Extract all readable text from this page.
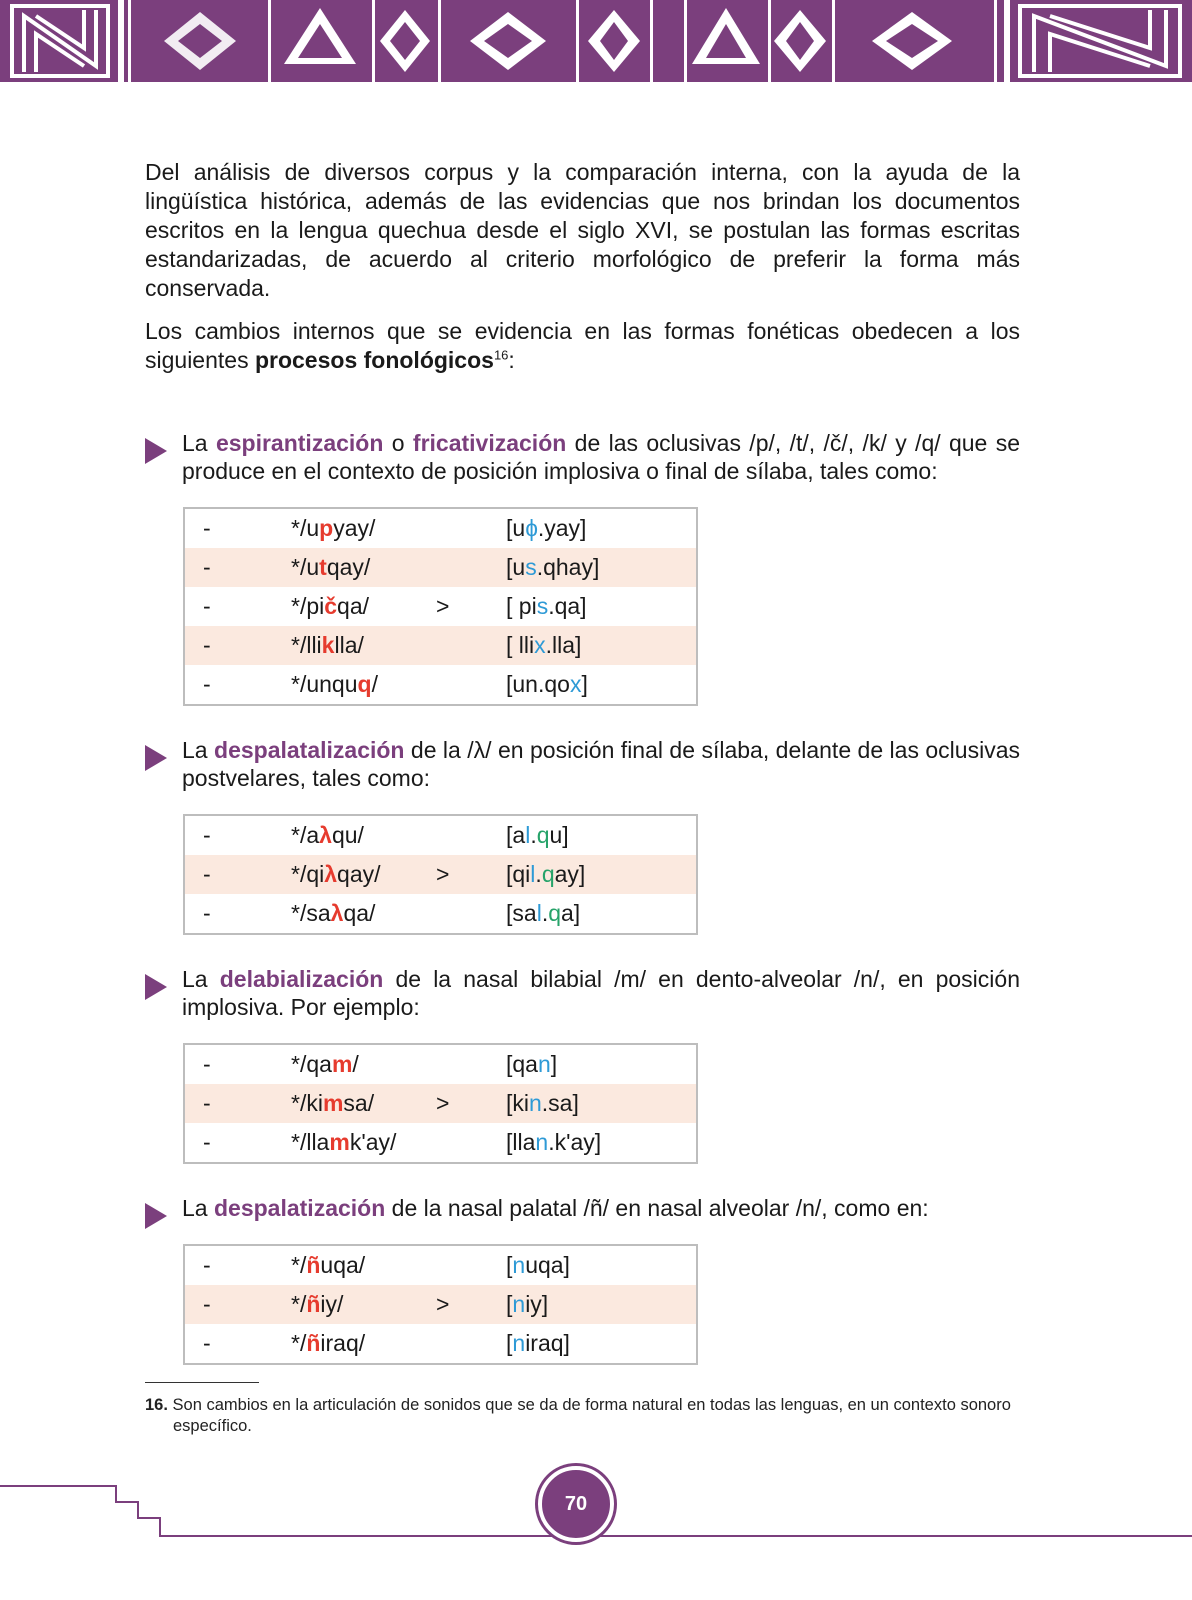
Del análisis de diversos corpus y la comparación interna, con la ayuda de la lingüística histórica, además de las evidencias que nos brindan los documentos escritos en la lengua quechua desde el siglo XVI, se postulan las formas escritas estandarizadas, de acuerdo al criterio morfológico de preferir la forma más conservada.

Los cambios internos que se evidencia en las formas fonéticas obedecen a los siguientes procesos fonológicos$^{16}$:

La espirantización o fricativización de las oclusivas /p/, /t/, /č/, /k/ y /q/ que se produce en el contexto de posición implosiva o final de sílaba, tales como:

-	*/upyay/		[uɸ.yay]
-	*/utqay/		[us.qhay]
-	*/pičqa/	>	[ pis.qa]
-	*/lliklla/		[ llix.lla]
-	*/unquq/		[un.qox]

La despalatalización de la /λ/ en posición final de sílaba, delante de las oclusivas postvelares, tales como:

-	*/aλqu/		[al.qu]
-	*/qiλqay/	>	[qil.qay]
-	*/saλqa/		[sal.qa]

La delabialización de la nasal bilabial /m/ en dento-alveolar /n/, en posición implosiva. Por ejemplo:

-	*/qam/		[qan]
-	*/kimsa/	>	[kin.sa]
-	*/llamk'ay/		[llan.k'ay]

La despalatización de la nasal palatal /ñ/ en nasal alveolar /n/, como en:

-	*/ñuqa/		[nuqa]
-	*/ñiy/	>	[niy]
-	*/ñiraq/		[niraq]
16. Son cambios en la articulación de sonidos que se da de forma natural en todas las lenguas, en un contexto sonoro
específico.
70
